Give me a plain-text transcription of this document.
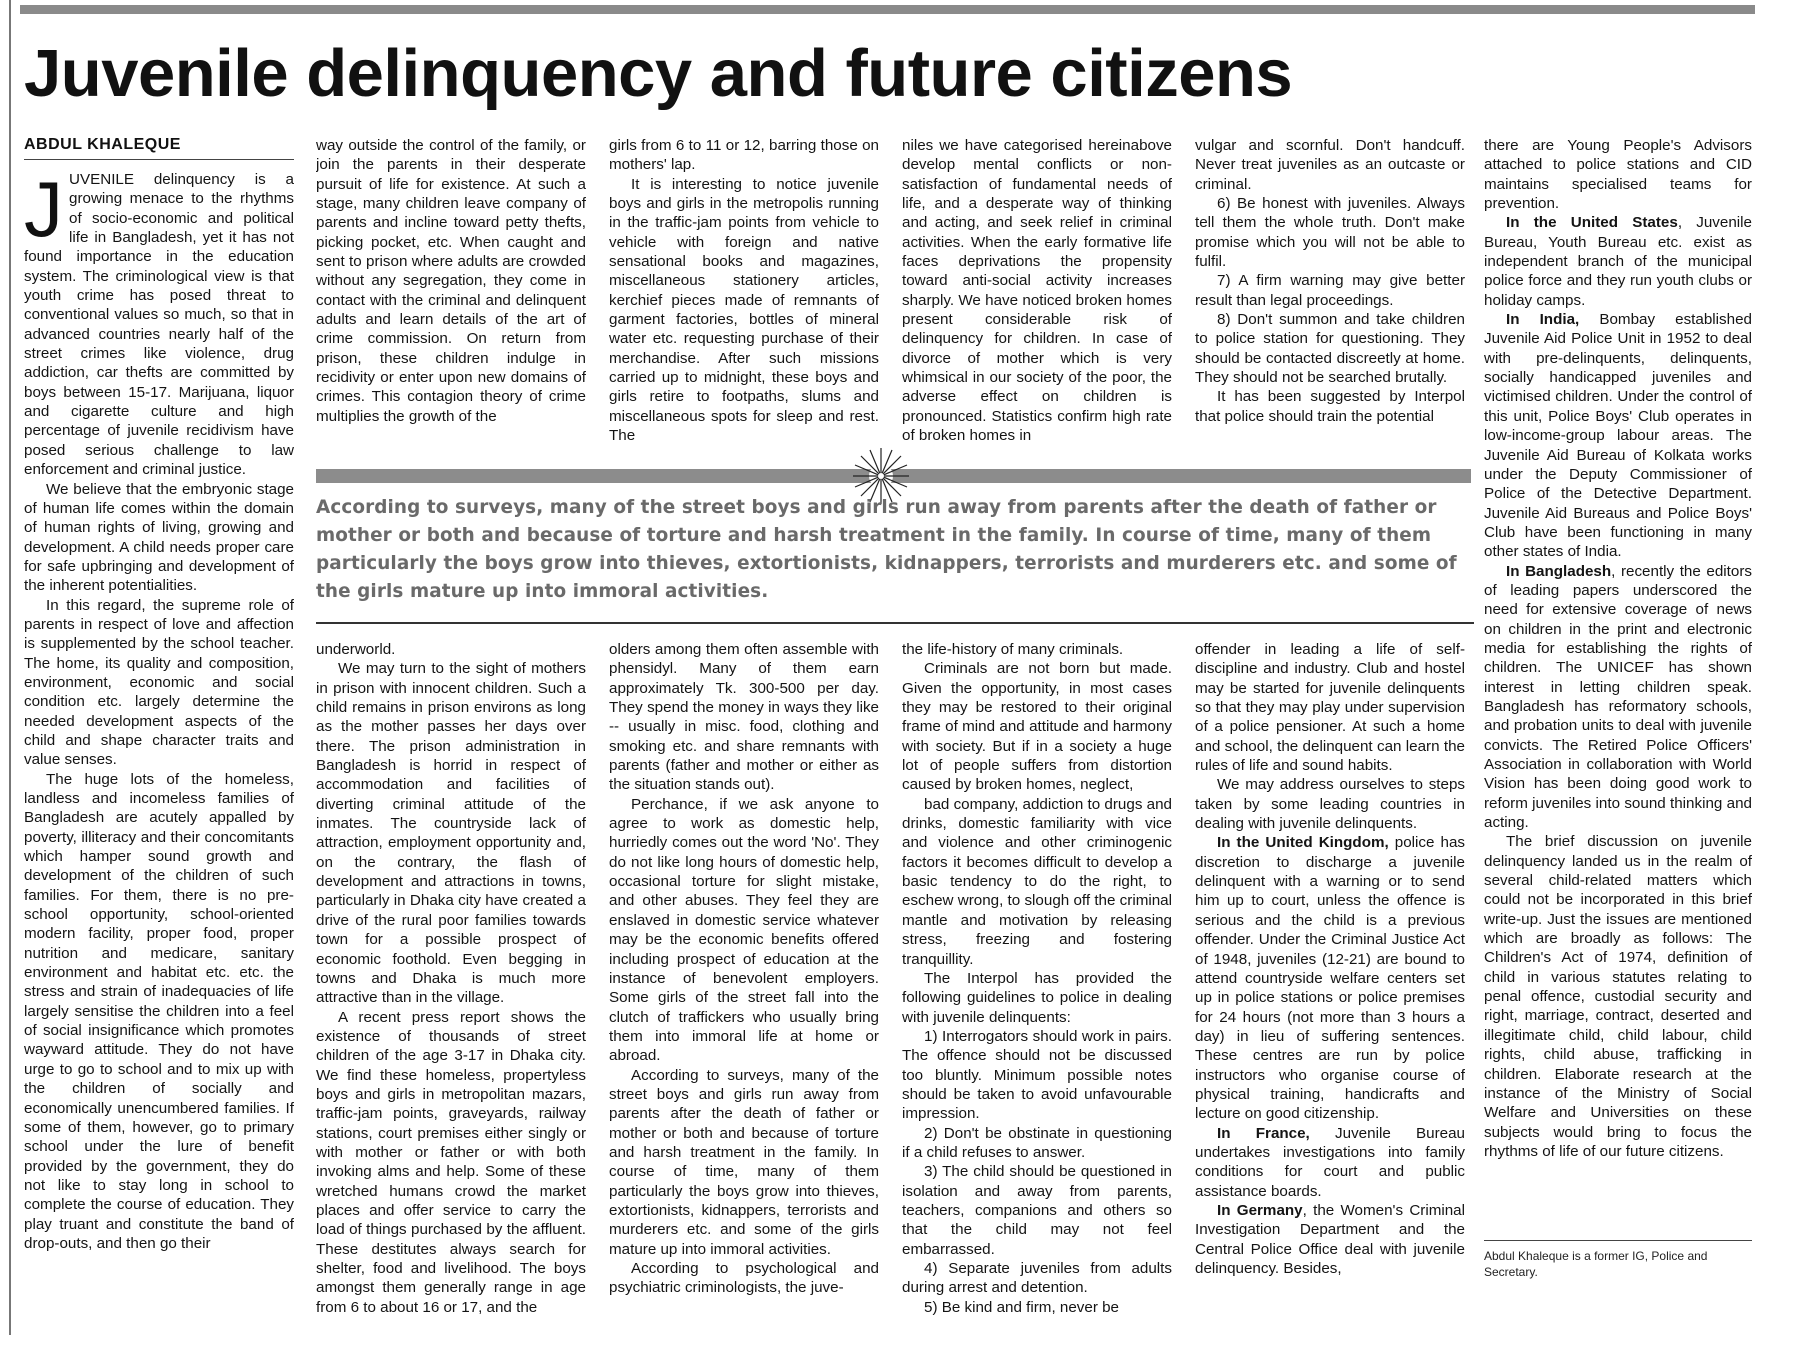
Juvenile delinquency and future citizens
ABDUL KHALEQUE

JUVENILE delinquency is a growing menace to the rhythms of socio-economic and political life in Bangladesh, yet it has not found importance in the education system. The criminological view is that youth crime has posed threat to conventional values so much, so that in advanced countries nearly half of the street crimes like violence, drug addiction, car thefts are committed by boys between 15-17. Marijuana, liquor and cigarette culture and high percentage of juvenile recidivism have posed serious challenge to law enforcement and criminal justice.

We believe that the embryonic stage of human life comes within the domain of human rights of living, growing and development. A child needs proper care for safe upbringing and development of the inherent potentialities.

In this regard, the supreme role of parents in respect of love and affection is supplemented by the school teacher. The home, its quality and composition, environment, economic and social condition etc. largely determine the needed development aspects of the child and shape character traits and value senses.

The huge lots of the homeless, landless and incomeless families of Bangladesh are acutely appalled by poverty, illiteracy and their concomitants which hamper sound growth and development of the children of such families. For them, there is no pre-school opportunity, school-oriented modern facility, proper food, proper nutrition and medicare, sanitary environment and habitat etc. etc. the stress and strain of inadequacies of life largely sensitise the children into a feel of social insignificance which promotes wayward attitude. They do not have urge to go to school and to mix up with the children of socially and economically unencumbered families. If some of them, however, go to primary school under the lure of benefit provided by the government, they do not like to stay long in school to complete the course of education. They play truant and constitute the band of drop-outs, and then go their

way outside the control of the family, or join the parents in their desperate pursuit of life for existence. At such a stage, many children leave company of parents and incline toward petty thefts, picking pocket, etc. When caught and sent to prison where adults are crowded without any segregation, they come in contact with the criminal and delinquent adults and learn details of the art of crime commission. On return from prison, these children indulge in recidivity or enter upon new domains of crimes. This contagion theory of crime multiplies the growth of the

girls from 6 to 11 or 12, barring those on mothers' lap.

It is interesting to notice juvenile boys and girls in the metropolis running in the traffic-jam points from vehicle to vehicle with foreign and native sensational books and magazines, miscellaneous stationery articles, kerchief pieces made of remnants of garment factories, bottles of mineral water etc. requesting purchase of their merchandise. After such missions carried up to midnight, these boys and girls retire to footpaths, slums and miscellaneous spots for sleep and rest. The

niles we have categorised hereinabove develop mental conflicts or non-satisfaction of fundamental needs of life, and a desperate way of thinking and acting, and seek relief in criminal activities. When the early formative life faces deprivations the propensity toward anti-social activity increases sharply. We have noticed broken homes present considerable risk of delinquency for children. In case of divorce of mother which is very whimsical in our society of the poor, the adverse effect on children is pronounced. Statistics confirm high rate of broken homes in

vulgar and scornful. Don't handcuff. Never treat juveniles as an outcaste or criminal.

6) Be honest with juveniles. Always tell them the whole truth. Don't make promise which you will not be able to fulfil.

7) A firm warning may give better result than legal proceedings.

8) Don't summon and take children to police station for questioning. They should be contacted discreetly at home. They should not be searched brutally.

It has been suggested by Interpol that police should train the potential

According to surveys, many of the street boys and girls run away from parents after the death of father or mother or both and because of torture and harsh treatment in the family. In course of time, many of them particularly the boys grow into thieves, extortionists, kidnappers, terrorists and murderers etc. and some of the girls mature up into immoral activities.

underworld.

We may turn to the sight of mothers in prison with innocent children. Such a child remains in prison environs as long as the mother passes her days over there. The prison administration in Bangladesh is horrid in respect of accommodation and facilities of diverting criminal attitude of the inmates. The countryside lack of attraction, employment opportunity and, on the contrary, the flash of development and attractions in towns, particularly in Dhaka city have created a drive of the rural poor families towards town for a possible prospect of economic foothold. Even begging in towns and Dhaka is much more attractive than in the village.

A recent press report shows the existence of thousands of street children of the age 3-17 in Dhaka city. We find these homeless, propertyless boys and girls in metropolitan mazars, traffic-jam points, graveyards, railway stations, court premises either singly or with mother or father or with both invoking alms and help. Some of these wretched humans crowd the market places and offer service to carry the load of things purchased by the affluent. These destitutes always search for shelter, food and livelihood. The boys amongst them generally range in age from 6 to about 16 or 17, and the

olders among them often assemble with phensidyl. Many of them earn approximately Tk. 300-500 per day. They spend the money in ways they like -- usually in misc. food, clothing and smoking etc. and share remnants with parents (father and mother or either as the situation stands out).

Perchance, if we ask anyone to agree to work as domestic help, hurriedly comes out the word 'No'. They do not like long hours of domestic help, occasional torture for slight mistake, and other abuses. They feel they are enslaved in domestic service whatever may be the economic benefits offered including prospect of education at the instance of benevolent employers. Some girls of the street fall into the clutch of traffickers who usually bring them into immoral life at home or abroad.

According to surveys, many of the street boys and girls run away from parents after the death of father or mother or both and because of torture and harsh treatment in the family. In course of time, many of them particularly the boys grow into thieves, extortionists, kidnappers, terrorists and murderers etc. and some of the girls mature up into immoral activities.

According to psychological and psychiatric criminologists, the juve-

the life-history of many criminals.

Criminals are not born but made. Given the opportunity, in most cases they may be restored to their original frame of mind and attitude and harmony with society. But if in a society a huge lot of people suffers from distortion caused by broken homes, neglect,

bad company, addiction to drugs and drinks, domestic familiarity with vice and violence and other criminogenic factors it becomes difficult to develop a basic tendency to do the right, to eschew wrong, to slough off the criminal mantle and motivation by releasing stress, freezing and fostering tranquillity.

The Interpol has provided the following guidelines to police in dealing with juvenile delinquents:

1) Interrogators should work in pairs. The offence should not be discussed too bluntly. Minimum possible notes should be taken to avoid unfavourable impression.

2) Don't be obstinate in questioning if a child refuses to answer.

3) The child should be questioned in isolation and away from parents, teachers, companions and others so that the child may not feel embarrassed.

4) Separate juveniles from adults during arrest and detention.

5) Be kind and firm, never be

offender in leading a life of self-discipline and industry. Club and hostel may be started for juvenile delinquents so that they may play under supervision of a police pensioner. At such a home and school, the delinquent can learn the rules of life and sound habits.

We may address ourselves to steps taken by some leading countries in dealing with juvenile delinquents.

In the United Kingdom, police has discretion to discharge a juvenile delinquent with a warning or to send him up to court, unless the offence is serious and the child is a previous offender. Under the Criminal Justice Act of 1948, juveniles (12-21) are bound to attend countryside welfare centers set up in police stations or police premises for 24 hours (not more than 3 hours a day) in lieu of suffering sentences. These centres are run by police instructors who organise course of physical training, handicrafts and lecture on good citizenship.

In France, Juvenile Bureau undertakes investigations into family conditions for court and public assistance boards.

In Germany, the Women's Criminal Investigation Department and the Central Police Office deal with juvenile delinquency. Besides,

there are Young People's Advisors attached to police stations and CID maintains specialised teams for prevention.

In the United States, Juvenile Bureau, Youth Bureau etc. exist as independent branch of the municipal police force and they run youth clubs or holiday camps.

In India, Bombay established Juvenile Aid Police Unit in 1952 to deal with pre-delinquents, delinquents, socially handicapped juveniles and victimised children. Under the control of this unit, Police Boys' Club operates in low-income-group labour areas. The Juvenile Aid Bureau of Kolkata works under the Deputy Commissioner of Police of the Detective Department. Juvenile Aid Bureaus and Police Boys' Club have been functioning in many other states of India.

In Bangladesh, recently the editors of leading papers underscored the need for extensive coverage of news on children in the print and electronic media for establishing the rights of children. The UNICEF has shown interest in letting children speak. Bangladesh has reformatory schools, and probation units to deal with juvenile convicts. The Retired Police Officers' Association in collaboration with World Vision has been doing good work to reform juveniles into sound thinking and acting.

The brief discussion on juvenile delinquency landed us in the realm of several child-related matters which could not be incorporated in this brief write-up. Just the issues are mentioned which are broadly as follows: The Children's Act of 1974, definition of child in various statutes relating to penal offence, custodial security and right, marriage, contract, deserted and illegitimate child, child labour, child rights, child abuse, trafficking in children. Elaborate research at the instance of the Ministry of Social Welfare and Universities on these subjects would bring to focus the rhythms of life of our future citizens.

Abdul Khaleque is a former IG, Police and Secretary.
